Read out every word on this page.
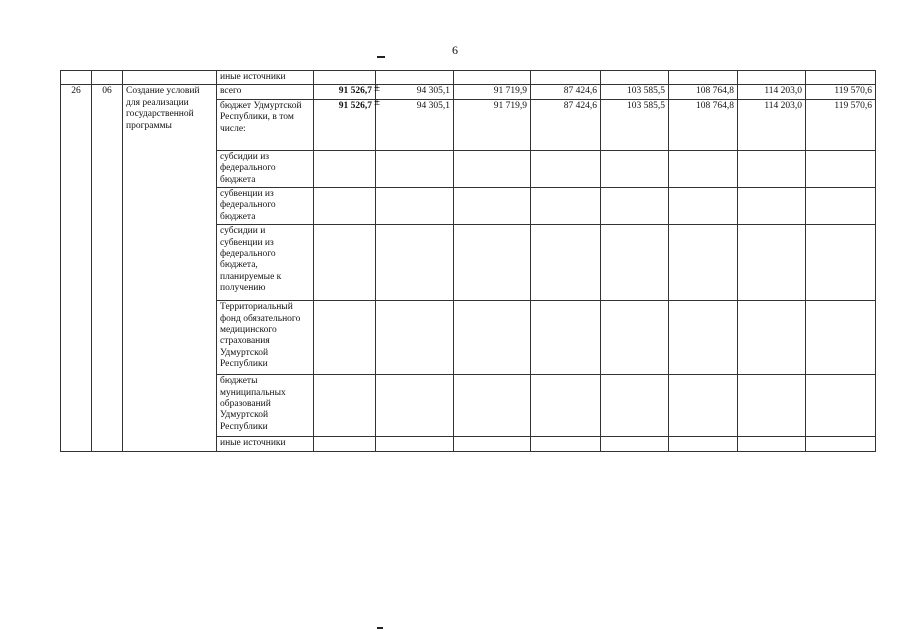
6
			иные источники								
26	06	Создание условий для реализации государственной программы	всего	91 526,7	94 305,1	91 719,9	87 424,6	103 585,5	108 764,8	114 203,0	119 570,6
			бюджет Удмуртской Республики, в том числе:	91 526,7	94 305,1	91 719,9	87 424,6	103 585,5	108 764,8	114 203,0	119 570,6
			субсидии из федерального бюджета								
			субвенции из федерального бюджета								
			субсидии и субвенции из федерального бюджета, планируемые к получению								
			Территориальный фонд обязательного медицинского страхования Удмуртской Республики								
			бюджеты муниципальных образований Удмуртской Республики								
			иные источники								
±
±
